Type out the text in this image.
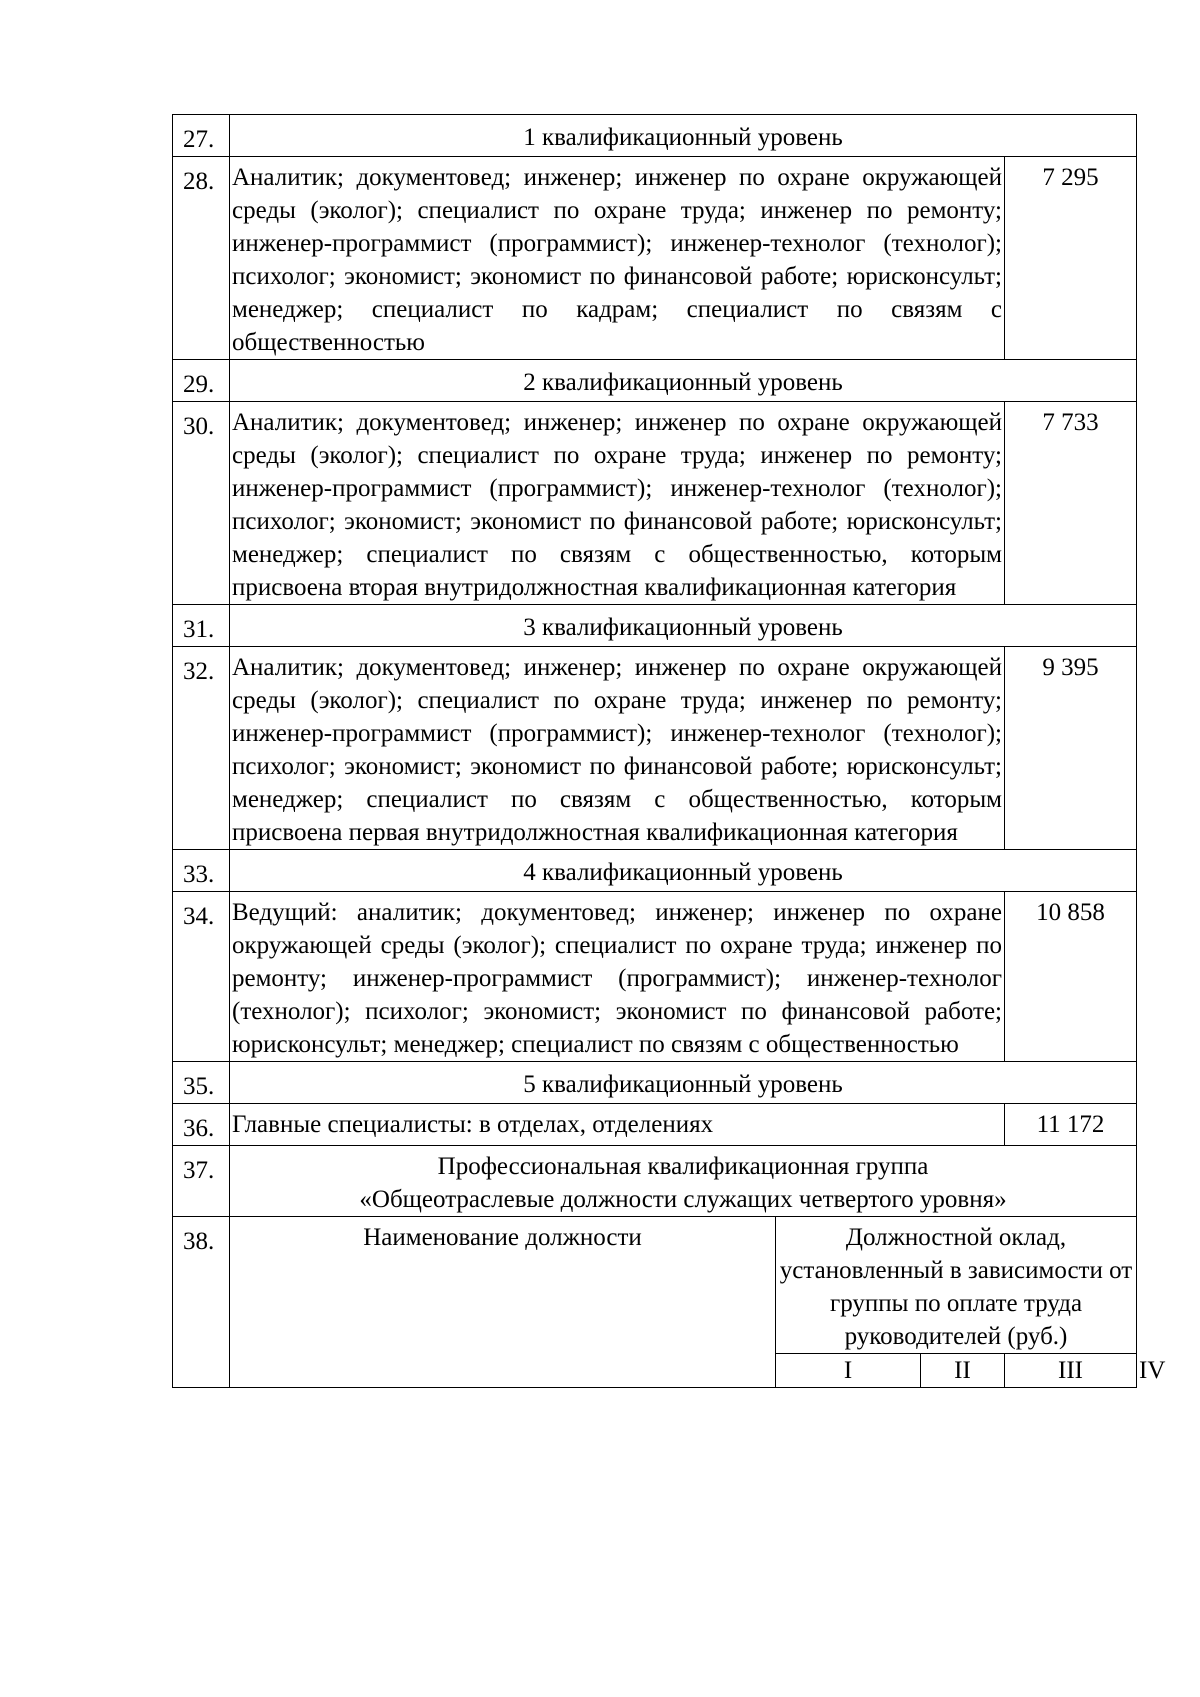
27.	1 квалификационный уровень				
28.	Аналитик; документовед; инженер; инженер по охране окружающей среды (эколог); специалист по охране труда; инженер по ремонту; инженер-программист (программист); инженер-технолог (технолог); психолог; экономист; экономист по финансовой работе; юрисконсульт; менеджер; специалист по кадрам; специалист по связям с общественностью			7 295	
29.	2 квалификационный уровень				
30.	Аналитик; документовед; инженер; инженер по охране окружающей среды (эколог); специалист по охране труда; инженер по ремонту; инженер-программист (программист); инженер-технолог (технолог); психолог; экономист; экономист по финансовой работе; юрисконсульт; менеджер; специалист по связям с общественностью, которым присвоена вторая внутридолжностная квалификационная категория			7 733	
31.	3 квалификационный уровень				
32.	Аналитик; документовед; инженер; инженер по охране окружающей среды (эколог); специалист по охране труда; инженер по ремонту; инженер-программист (программист); инженер-технолог (технолог); психолог; экономист; экономист по финансовой работе; юрисконсульт; менеджер; специалист по связям с общественностью, которым присвоена первая внутридолжностная квалификационная категория			9 395	
33.	4 квалификационный уровень				
34.	Ведущий: аналитик; документовед; инженер; инженер по охране окружающей среды (эколог); специалист по охране труда; инженер по ремонту; инженер-программист (программист); инженер-технолог (технолог); психолог; экономист; экономист по финансовой работе; юрисконсульт; менеджер; специалист по связям с общественностью			10 858	
35.	5 квалификационный уровень				
36.	Главные специалисты: в отделах, отделениях			11 172	
37.	Профессиональная квалификационная группа
«Общеотраслевые должности служащих четвертого уровня»				

38.	Наименование должности	Должностной оклад, установленный в зависимости от группы по оплате труда руководителей (руб.)			
		I	II	III	IV
